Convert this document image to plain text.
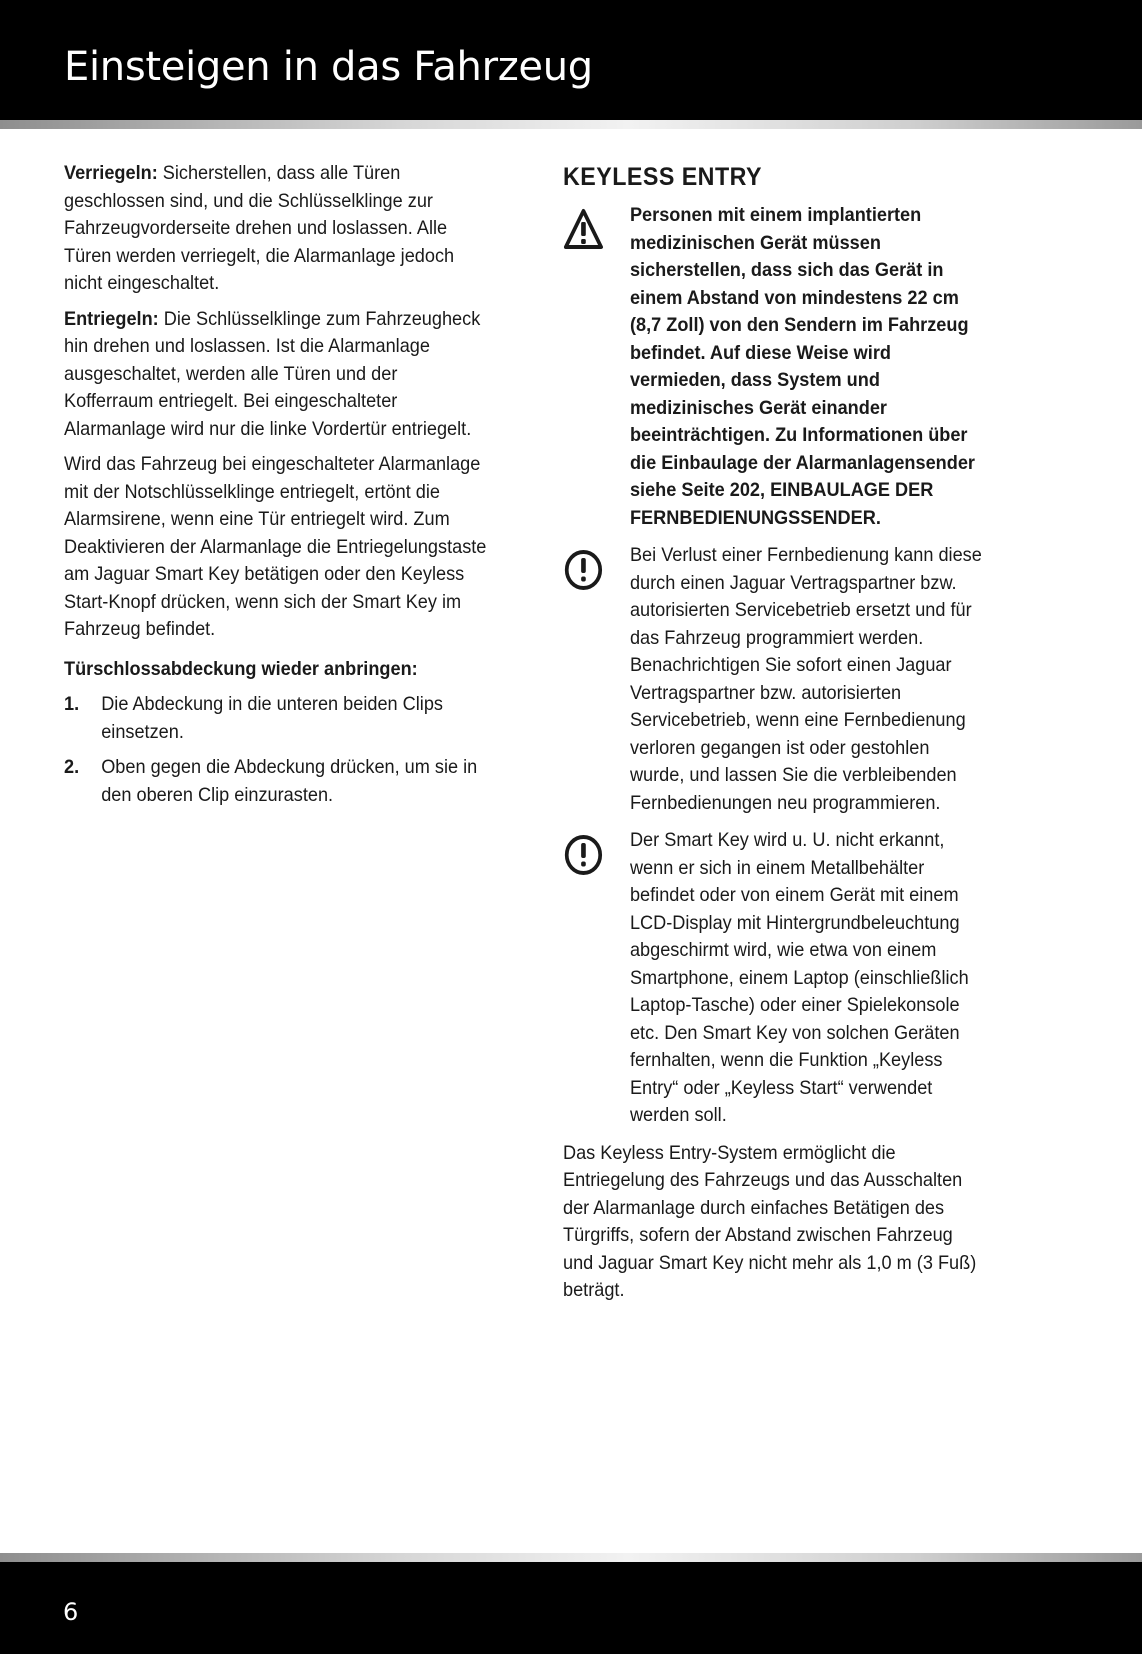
Einsteigen in das Fahrzeug

Verriegeln: Sicherstellen, dass alle Türen geschlossen sind, und die Schlüsselklinge zur Fahrzeugvorderseite drehen und loslassen. Alle Türen werden verriegelt, die Alarmanlage jedoch nicht eingeschaltet.

Entriegeln: Die Schlüsselklinge zum Fahrzeugheck hin drehen und loslassen. Ist die Alarmanlage ausgeschaltet, werden alle Türen und der Kofferraum entriegelt. Bei eingeschalteter Alarmanlage wird nur die linke Vordertür entriegelt.

Wird das Fahrzeug bei eingeschalteter Alarmanlage mit der Notschlüsselklinge entriegelt, ertönt die Alarmsirene, wenn eine Tür entriegelt wird. Zum Deaktivieren der Alarmanlage die Entriegelungstaste am Jaguar Smart Key betätigen oder den Keyless Start-Knopf drücken, wenn sich der Smart Key im Fahrzeug befindet.

Türschlossabdeckung wieder anbringen:
1. Die Abdeckung in die unteren beiden Clips einsetzen.
2. Oben gegen die Abdeckung drücken, um sie in den oberen Clip einzurasten.
KEYLESS ENTRY

Personen mit einem implantierten medizinischen Gerät müssen sicherstellen, dass sich das Gerät in einem Abstand von mindestens 22 cm (8,7 Zoll) von den Sendern im Fahrzeug befindet. Auf diese Weise wird vermieden, dass System und medizinisches Gerät einander beeinträchtigen. Zu Informationen über die Einbaulage der Alarmanlagensender siehe Seite 202, EINBAULAGE DER FERNBEDIENUNGSSENDER.

Bei Verlust einer Fernbedienung kann diese durch einen Jaguar Vertragspartner bzw. autorisierten Servicebetrieb ersetzt und für das Fahrzeug programmiert werden. Benachrichtigen Sie sofort einen Jaguar Vertragspartner bzw. autorisierten Servicebetrieb, wenn eine Fernbedienung verloren gegangen ist oder gestohlen wurde, und lassen Sie die verbleibenden Fernbedienungen neu programmieren.

Der Smart Key wird u. U. nicht erkannt, wenn er sich in einem Metallbehälter befindet oder von einem Gerät mit einem LCD-Display mit Hintergrundbeleuchtung abgeschirmt wird, wie etwa von einem Smartphone, einem Laptop (einschließlich Laptop-Tasche) oder einer Spielekonsole etc. Den Smart Key von solchen Geräten fernhalten, wenn die Funktion „Keyless Entry“ oder „Keyless Start“ verwendet werden soll.

Das Keyless Entry-System ermöglicht die Entriegelung des Fahrzeugs und das Ausschalten der Alarmanlage durch einfaches Betätigen des Türgriffs, sofern der Abstand zwischen Fahrzeug und Jaguar Smart Key nicht mehr als 1,0 m (3 Fuß) beträgt.

6
